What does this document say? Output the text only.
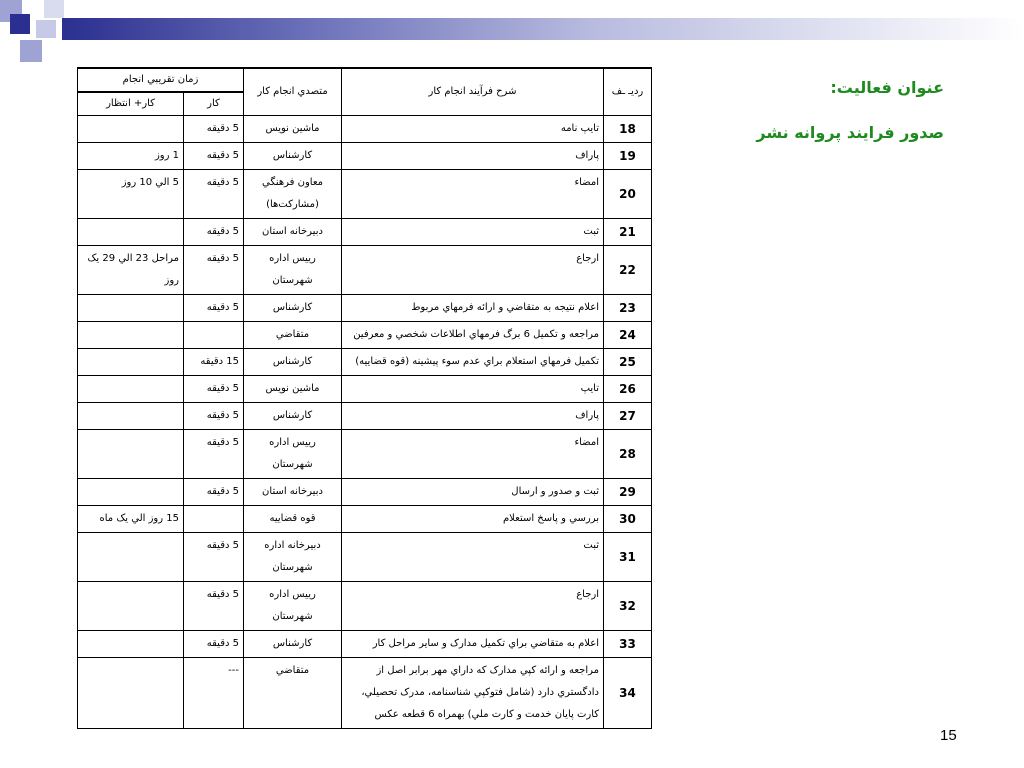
عنوان فعاليت:
صدور فرايند پروانه نشر
رديـ ـف	شرح فرآيند انجام کار	متصدي انجام کار	زمان تقريبي انجام	
			کار	کار+ انتظار
18	تايپ نامه	ماشين نويس	5 دقيقه	
19	پاراف	کارشناس	5 دقيقه	1 روز
20	امضاء	معاون فرهنگي (مشارکت‌ها)	5 دقيقه	5 الي 10 روز
21	ثبت	دبيرخانه استان	5 دقيقه	
22	ارجاع	رييس اداره شهرستان	5 دقيقه	مراحل 23 الي 29 يک روز
23	اعلام نتيجه به متقاضي و ارائه فرمهاي مربوط	کارشناس	5 دقيقه	
24	مراجعه و تکميل 6 برگ فرمهاي اطلاعات شخصي و معرفين	متقاضي		
25	تکميل فرمهاي استعلام براي عدم سوء پيشينه (قوه قضاييه)	کارشناس	15 دقيقه	
26	تايپ	ماشين نويس	5 دقيقه	
27	پاراف	کارشناس	5 دقيقه	
28	امضاء	رييس اداره شهرستان	5 دقيقه	
29	ثبت و صدور و ارسال	دبيرخانه استان	5 دقيقه	
30	بررسي و پاسخ استعلام	قوه قضاييه		15 روز الي يک ماه
31	ثبت	دبيرخانه اداره شهرستان	5 دقيقه	
32	ارجاع	رييس اداره شهرستان	5 دقيقه	
33	اعلام به متقاضي براي تکميل مدارک و ساير مراحل کار	کارشناس	5 دقيقه	
34	مراجعه و ارائه کپي مدارک که داراي مهر برابر اصل از دادگستري دارد (شامل فتوکپي شناسنامه، مدرک تحصيلي، کارت پايان خدمت و کارت ملي) بهمراه 6 قطعه عکس	متقاضي	---	
15
